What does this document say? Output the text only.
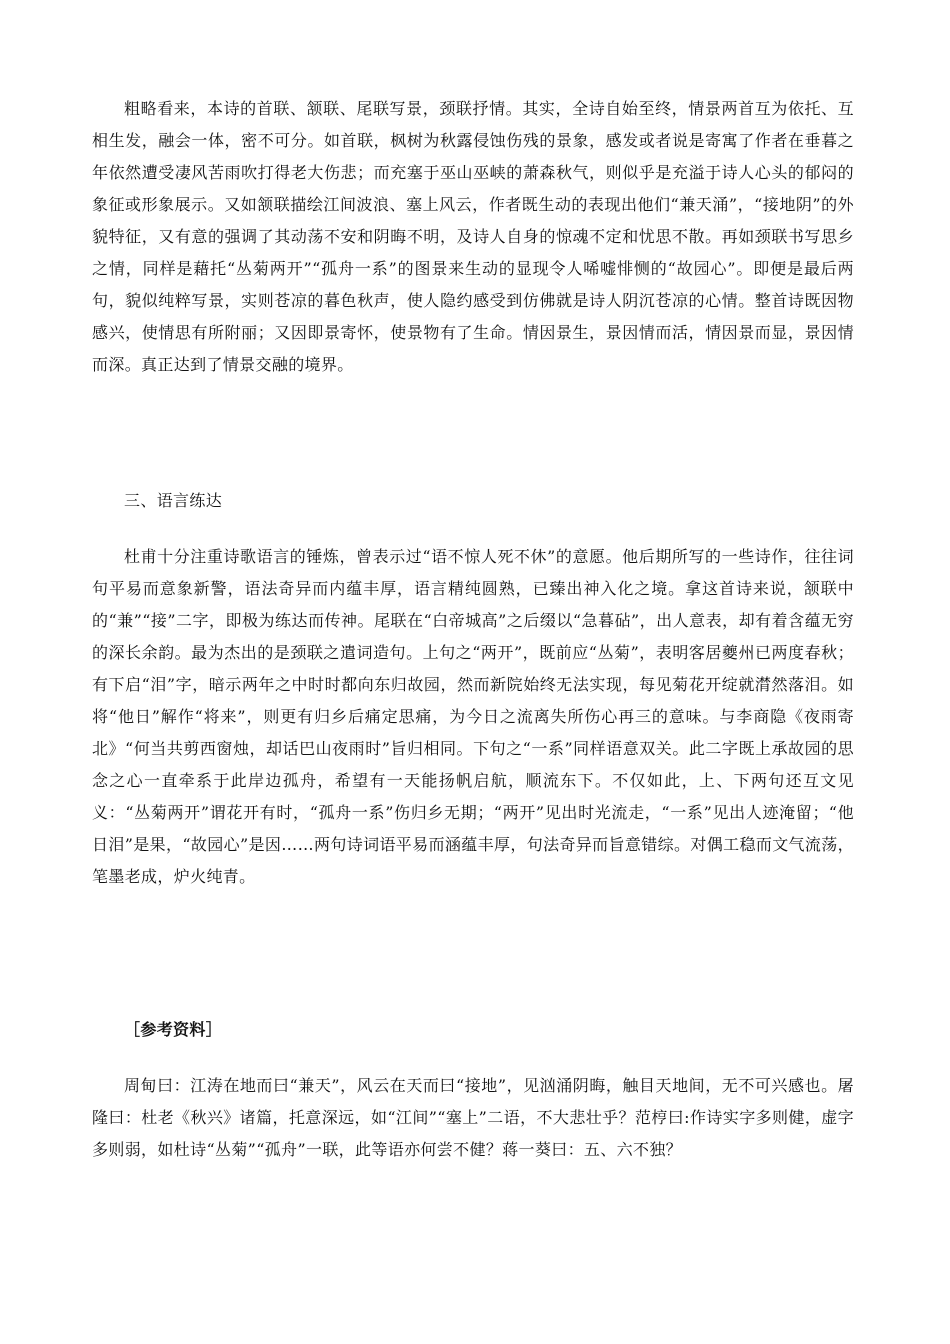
粗略看来，本诗的首联、颔联、尾联写景，颈联抒情。其实，全诗自始至终，情景两首互为依托、互相生发，融会一体，密不可分。如首联，枫树为秋露侵蚀伤残的景象，感发或者说是寄寓了作者在垂暮之年依然遭受凄风苦雨吹打得老大伤悲；而充塞于巫山巫峡的萧森秋气，则似乎是充溢于诗人心头的郁闷的象征或形象展示。又如颔联描绘江间波浪、塞上风云，作者既生动的表现出他们“兼天涌”，“接地阴”的外貌特征，又有意的强调了其动荡不安和阴晦不明，及诗人自身的惊魂不定和忧思不散。再如颈联书写思乡之情，同样是藉托“丛菊两开”“孤舟一系”的图景来生动的显现令人唏嘘悱恻的“故园心”。即便是最后两句，貌似纯粹写景，实则苍凉的暮色秋声，使人隐约感受到仿佛就是诗人阴沉苍凉的心情。整首诗既因物感兴，使情思有所附丽；又因即景寄怀，使景物有了生命。情因景生，景因情而活，情因景而显，景因情而深。真正达到了情景交融的境界。

三、语言练达

杜甫十分注重诗歌语言的锤炼，曾表示过“语不惊人死不休”的意愿。他后期所写的一些诗作，往往词句平易而意象新警，语法奇异而内蕴丰厚，语言精纯圆熟，已臻出神入化之境。拿这首诗来说，颔联中的“兼”“接”二字，即极为练达而传神。尾联在“白帝城高”之后缀以“急暮砧”，出人意表，却有着含蕴无穷的深长余韵。最为杰出的是颈联之遣词造句。上句之“两开”，既前应“丛菊”，表明客居夔州已两度春秋；有下启“泪”字，暗示两年之中时时都向东归故园，然而新院始终无法实现，每见菊花开绽就潸然落泪。如将“他日”解作“将来”，则更有归乡后痛定思痛，为今日之流离失所伤心再三的意味。与李商隐《夜雨寄北》“何当共剪西窗烛，却话巴山夜雨时”旨归相同。下句之“一系”同样语意双关。此二字既上承故园的思念之心一直牵系于此岸边孤舟，希望有一天能扬帆启航，顺流东下。不仅如此，上、下两句还互文见义：“丛菊两开”谓花开有时，“孤舟一系”伤归乡无期；“两开”见出时光流走，“一系”见出人迹淹留；“他日泪”是果，“故园心”是因……两句诗词语平易而涵蕴丰厚，句法奇异而旨意错综。对偶工稳而文气流荡，笔墨老成，炉火纯青。

［参考资料］

周甸曰：江涛在地而曰“兼天”，风云在天而曰“接地”，见汹涌阴晦，触目天地间，无不可兴感也。屠隆曰：杜老《秋兴》诸篇，托意深远，如“江间”“塞上”二语，不大悲壮乎？范梈曰:作诗实字多则健，虚字多则弱，如杜诗“丛菊”“孤舟”一联，此等语亦何尝不健？蒋一葵曰：五、六不独？
